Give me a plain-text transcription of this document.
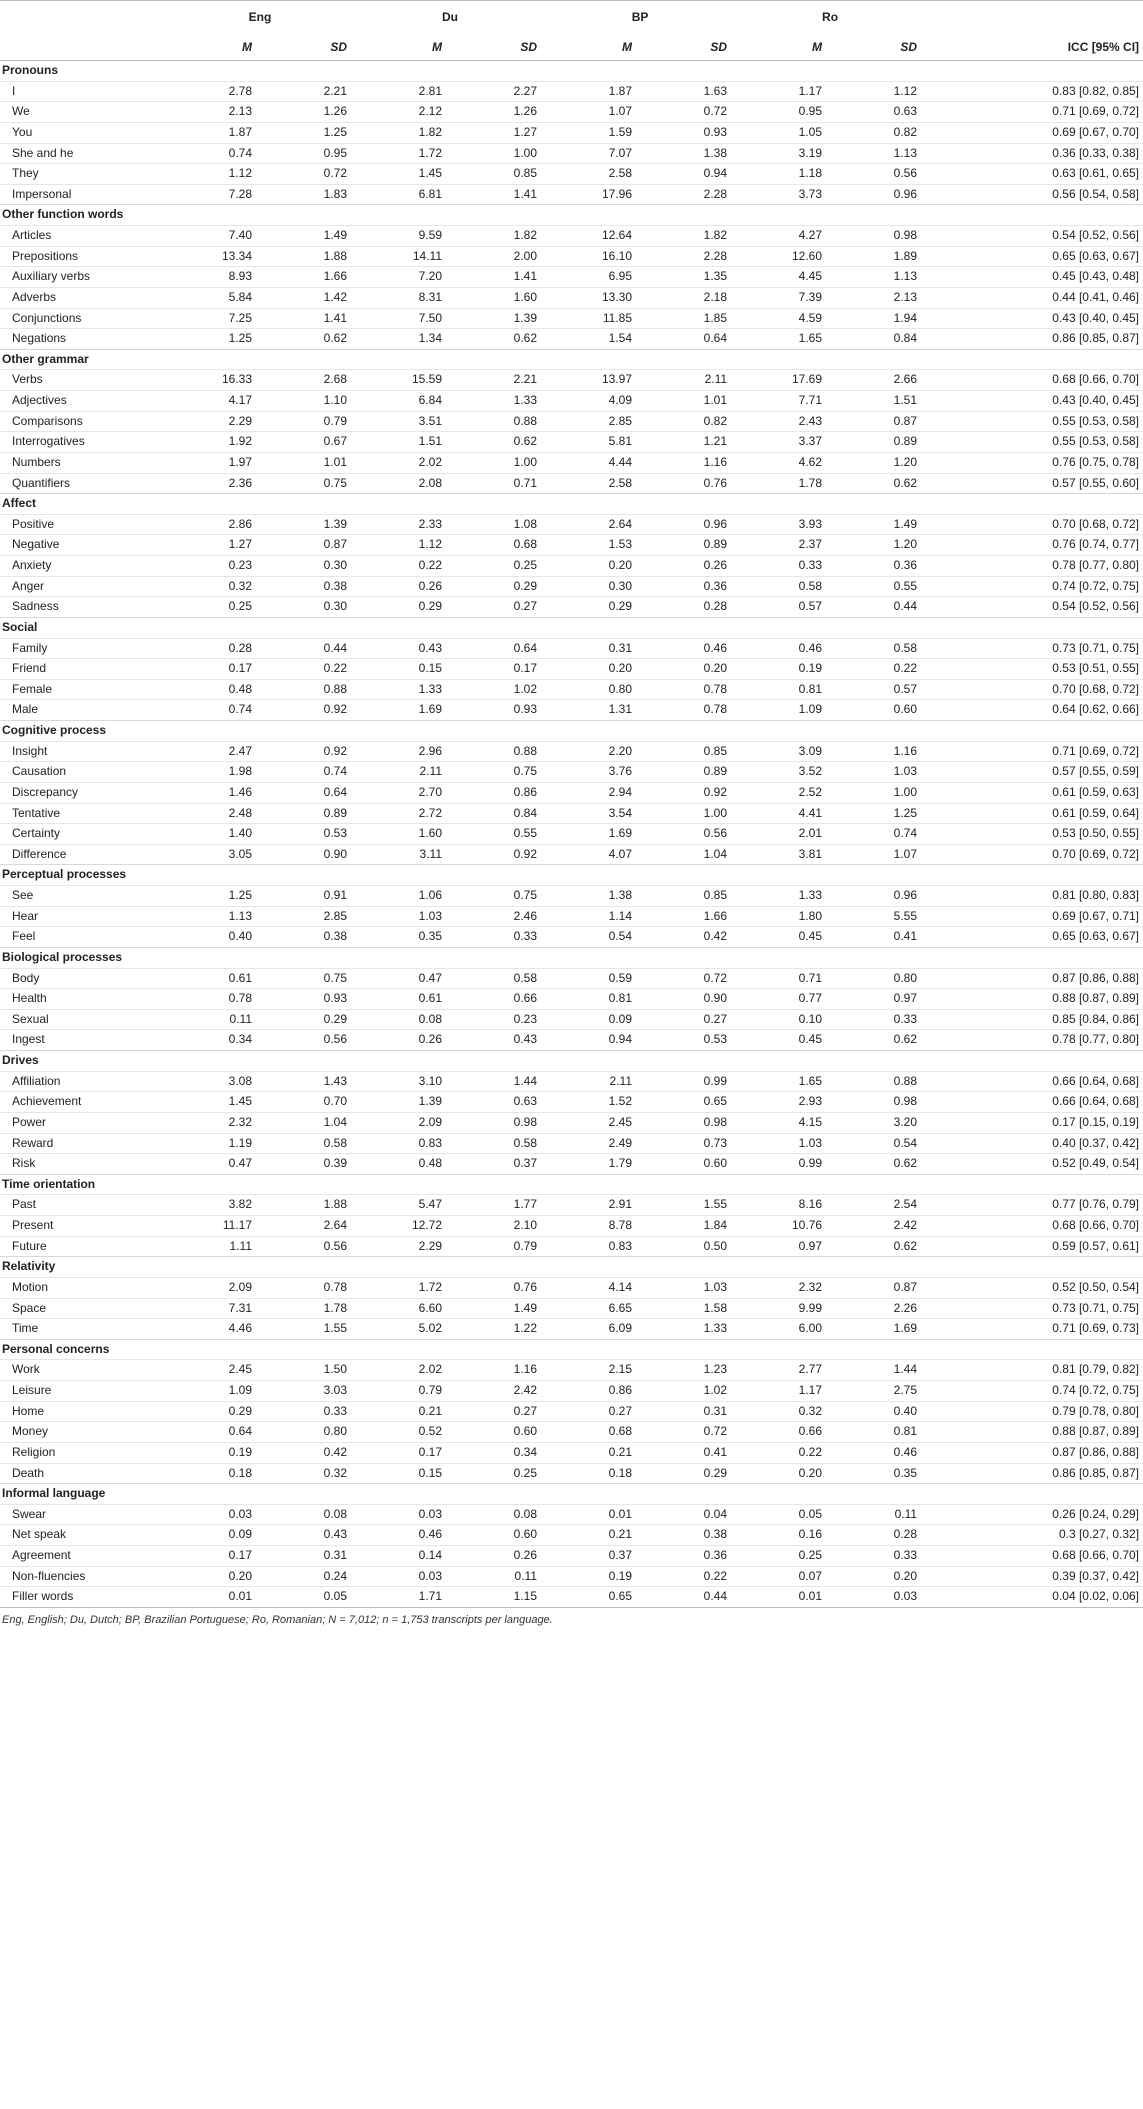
	Eng		Du		BP		Ro		
	M	SD	M	SD	M	SD	M	SD	ICC [95% CI]
Pronouns									
I	2.78	2.21	2.81	2.27	1.87	1.63	1.17	1.12	0.83 [0.82, 0.85]
We	2.13	1.26	2.12	1.26	1.07	0.72	0.95	0.63	0.71 [0.69, 0.72]
You	1.87	1.25	1.82	1.27	1.59	0.93	1.05	0.82	0.69 [0.67, 0.70]
She and he	0.74	0.95	1.72	1.00	7.07	1.38	3.19	1.13	0.36 [0.33, 0.38]
They	1.12	0.72	1.45	0.85	2.58	0.94	1.18	0.56	0.63 [0.61, 0.65]
Impersonal	7.28	1.83	6.81	1.41	17.96	2.28	3.73	0.96	0.56 [0.54, 0.58]
Other function words									
Articles	7.40	1.49	9.59	1.82	12.64	1.82	4.27	0.98	0.54 [0.52, 0.56]
Prepositions	13.34	1.88	14.11	2.00	16.10	2.28	12.60	1.89	0.65 [0.63, 0.67]
Auxiliary verbs	8.93	1.66	7.20	1.41	6.95	1.35	4.45	1.13	0.45 [0.43, 0.48]
Adverbs	5.84	1.42	8.31	1.60	13.30	2.18	7.39	2.13	0.44 [0.41, 0.46]
Conjunctions	7.25	1.41	7.50	1.39	11.85	1.85	4.59	1.94	0.43 [0.40, 0.45]
Negations	1.25	0.62	1.34	0.62	1.54	0.64	1.65	0.84	0.86 [0.85, 0.87]
Other grammar									
Verbs	16.33	2.68	15.59	2.21	13.97	2.11	17.69	2.66	0.68 [0.66, 0.70]
Adjectives	4.17	1.10	6.84	1.33	4.09	1.01	7.71	1.51	0.43 [0.40, 0.45]
Comparisons	2.29	0.79	3.51	0.88	2.85	0.82	2.43	0.87	0.55 [0.53, 0.58]
Interrogatives	1.92	0.67	1.51	0.62	5.81	1.21	3.37	0.89	0.55 [0.53, 0.58]
Numbers	1.97	1.01	2.02	1.00	4.44	1.16	4.62	1.20	0.76 [0.75, 0.78]
Quantifiers	2.36	0.75	2.08	0.71	2.58	0.76	1.78	0.62	0.57 [0.55, 0.60]
Affect									
Positive	2.86	1.39	2.33	1.08	2.64	0.96	3.93	1.49	0.70 [0.68, 0.72]
Negative	1.27	0.87	1.12	0.68	1.53	0.89	2.37	1.20	0.76 [0.74, 0.77]
Anxiety	0.23	0.30	0.22	0.25	0.20	0.26	0.33	0.36	0.78 [0.77, 0.80]
Anger	0.32	0.38	0.26	0.29	0.30	0.36	0.58	0.55	0.74 [0.72, 0.75]
Sadness	0.25	0.30	0.29	0.27	0.29	0.28	0.57	0.44	0.54 [0.52, 0.56]
Social									
Family	0.28	0.44	0.43	0.64	0.31	0.46	0.46	0.58	0.73 [0.71, 0.75]
Friend	0.17	0.22	0.15	0.17	0.20	0.20	0.19	0.22	0.53 [0.51, 0.55]
Female	0.48	0.88	1.33	1.02	0.80	0.78	0.81	0.57	0.70 [0.68, 0.72]
Male	0.74	0.92	1.69	0.93	1.31	0.78	1.09	0.60	0.64 [0.62, 0.66]
Cognitive process									
Insight	2.47	0.92	2.96	0.88	2.20	0.85	3.09	1.16	0.71 [0.69, 0.72]
Causation	1.98	0.74	2.11	0.75	3.76	0.89	3.52	1.03	0.57 [0.55, 0.59]
Discrepancy	1.46	0.64	2.70	0.86	2.94	0.92	2.52	1.00	0.61 [0.59, 0.63]
Tentative	2.48	0.89	2.72	0.84	3.54	1.00	4.41	1.25	0.61 [0.59, 0.64]
Certainty	1.40	0.53	1.60	0.55	1.69	0.56	2.01	0.74	0.53 [0.50, 0.55]
Difference	3.05	0.90	3.11	0.92	4.07	1.04	3.81	1.07	0.70 [0.69, 0.72]
Perceptual processes									
See	1.25	0.91	1.06	0.75	1.38	0.85	1.33	0.96	0.81 [0.80, 0.83]
Hear	1.13	2.85	1.03	2.46	1.14	1.66	1.80	5.55	0.69 [0.67, 0.71]
Feel	0.40	0.38	0.35	0.33	0.54	0.42	0.45	0.41	0.65 [0.63, 0.67]
Biological processes									
Body	0.61	0.75	0.47	0.58	0.59	0.72	0.71	0.80	0.87 [0.86, 0.88]
Health	0.78	0.93	0.61	0.66	0.81	0.90	0.77	0.97	0.88 [0.87, 0.89]
Sexual	0.11	0.29	0.08	0.23	0.09	0.27	0.10	0.33	0.85 [0.84, 0.86]
Ingest	0.34	0.56	0.26	0.43	0.94	0.53	0.45	0.62	0.78 [0.77, 0.80]
Drives									
Affiliation	3.08	1.43	3.10	1.44	2.11	0.99	1.65	0.88	0.66 [0.64, 0.68]
Achievement	1.45	0.70	1.39	0.63	1.52	0.65	2.93	0.98	0.66 [0.64, 0.68]
Power	2.32	1.04	2.09	0.98	2.45	0.98	4.15	3.20	0.17 [0.15, 0.19]
Reward	1.19	0.58	0.83	0.58	2.49	0.73	1.03	0.54	0.40 [0.37, 0.42]
Risk	0.47	0.39	0.48	0.37	1.79	0.60	0.99	0.62	0.52 [0.49, 0.54]
Time orientation									
Past	3.82	1.88	5.47	1.77	2.91	1.55	8.16	2.54	0.77 [0.76, 0.79]
Present	11.17	2.64	12.72	2.10	8.78	1.84	10.76	2.42	0.68 [0.66, 0.70]
Future	1.11	0.56	2.29	0.79	0.83	0.50	0.97	0.62	0.59 [0.57, 0.61]
Relativity									
Motion	2.09	0.78	1.72	0.76	4.14	1.03	2.32	0.87	0.52 [0.50, 0.54]
Space	7.31	1.78	6.60	1.49	6.65	1.58	9.99	2.26	0.73 [0.71, 0.75]
Time	4.46	1.55	5.02	1.22	6.09	1.33	6.00	1.69	0.71 [0.69, 0.73]
Personal concerns									
Work	2.45	1.50	2.02	1.16	2.15	1.23	2.77	1.44	0.81 [0.79, 0.82]
Leisure	1.09	3.03	0.79	2.42	0.86	1.02	1.17	2.75	0.74 [0.72, 0.75]
Home	0.29	0.33	0.21	0.27	0.27	0.31	0.32	0.40	0.79 [0.78, 0.80]
Money	0.64	0.80	0.52	0.60	0.68	0.72	0.66	0.81	0.88 [0.87, 0.89]
Religion	0.19	0.42	0.17	0.34	0.21	0.41	0.22	0.46	0.87 [0.86, 0.88]
Death	0.18	0.32	0.15	0.25	0.18	0.29	0.20	0.35	0.86 [0.85, 0.87]
Informal language									
Swear	0.03	0.08	0.03	0.08	0.01	0.04	0.05	0.11	0.26 [0.24, 0.29]
Net speak	0.09	0.43	0.46	0.60	0.21	0.38	0.16	0.28	0.3 [0.27, 0.32]
Agreement	0.17	0.31	0.14	0.26	0.37	0.36	0.25	0.33	0.68 [0.66, 0.70]
Non-fluencies	0.20	0.24	0.03	0.11	0.19	0.22	0.07	0.20	0.39 [0.37, 0.42]
Filler words	0.01	0.05	1.71	1.15	0.65	0.44	0.01	0.03	0.04 [0.02, 0.06]
Eng, English; Du, Dutch; BP, Brazilian Portuguese; Ro, Romanian; N = 7,012; n = 1,753 transcripts per language.
